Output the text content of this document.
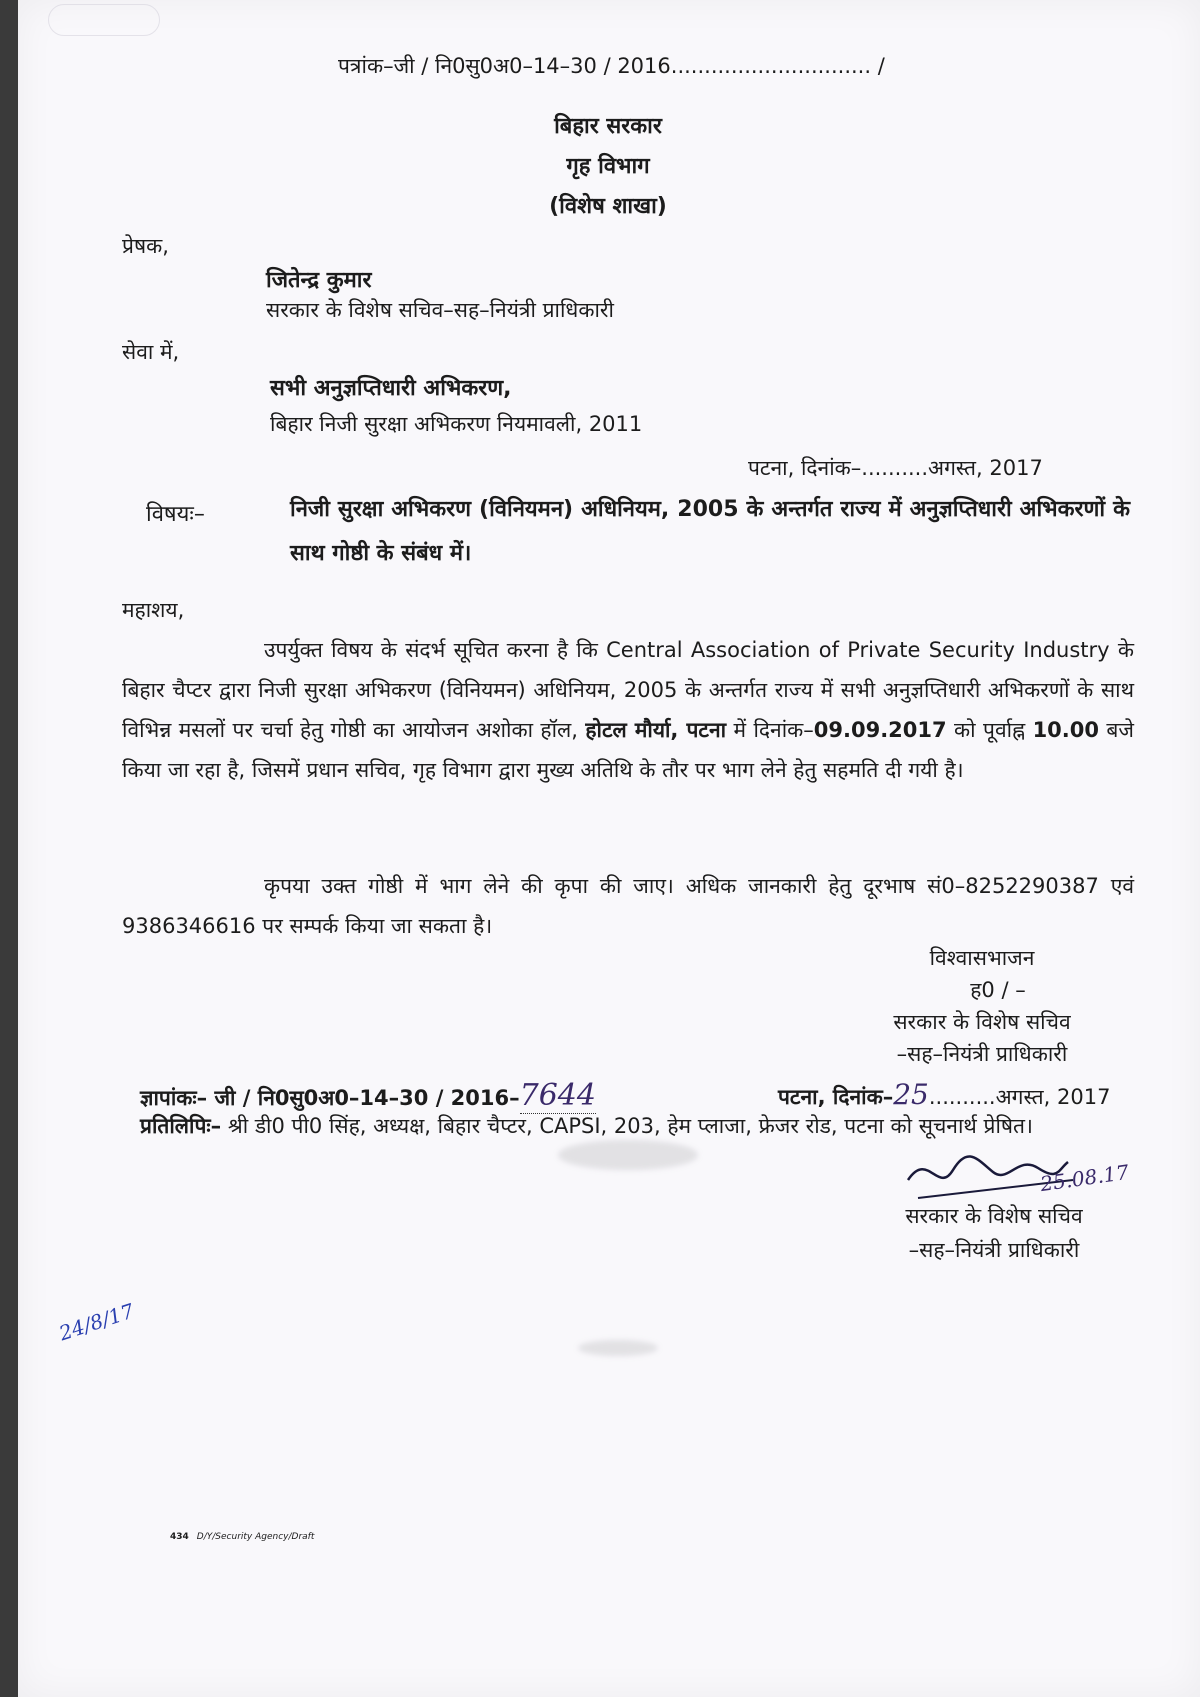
पत्रांक–जी / नि0सु0अ0–14–30 / 2016.............................. /
बिहार सरकार
गृह विभाग
(विशेष शाखा)
प्रेषक,
जितेन्द्र कुमार
सरकार के विशेष सचिव–सह–नियंत्री प्राधिकारी
सेवा में,
सभी अनुज्ञप्तिधारी अभिकरण,
बिहार निजी सुरक्षा अभिकरण नियमावली, 2011
पटना, दिनांक–..........अगस्त, 2017
विषयः–	निजी सुरक्षा अभिकरण (विनियमन) अधिनियम, 2005 के अन्तर्गत राज्य में अनुज्ञप्तिधारी अभिकरणों के साथ गोष्ठी के संबंध में।
महाशय,
उपर्युक्त विषय के संदर्भ सूचित करना है कि Central Association of Private Security Industry के बिहार चैप्टर द्वारा निजी सुरक्षा अभिकरण (विनियमन) अधिनियम, 2005 के अन्तर्गत राज्य में सभी अनुज्ञप्तिधारी अभिकरणों के साथ विभिन्न मसलों पर चर्चा हेतु गोष्ठी का आयोजन अशोका हॉल, होटल मौर्या, पटना में दिनांक–09.09.2017 को पूर्वाह्न 10.00 बजे किया जा रहा है, जिसमें प्रधान सचिव, गृह विभाग द्वारा मुख्य अतिथि के तौर पर भाग लेने हेतु सहमति दी गयी है।
कृपया उक्त गोष्ठी में भाग लेने की कृपा की जाए। अधिक जानकारी हेतु दूरभाष सं0–8252290387 एवं 9386346616 पर सम्पर्क किया जा सकता है।
विश्वासभाजन
ह0 / –
सरकार के विशेष सचिव
–सह–नियंत्री प्राधिकारी
ज्ञापांकः– जी / नि0सु0अ0–14–30 / 2016–7644	पटना, दिनांक–25..........अगस्त, 2017
प्रतिलिपिः– श्री डी0 पी0 सिंह, अध्यक्ष, बिहार चैप्टर, CAPSI, 203, हेम प्लाजा, फ्रेजर रोड, पटना को सूचनार्थ प्रेषित।
25.08.17
सरकार के विशेष सचिव
–सह–नियंत्री प्राधिकारी
24/8/17
434 D/Y/Security Agency/Draft
